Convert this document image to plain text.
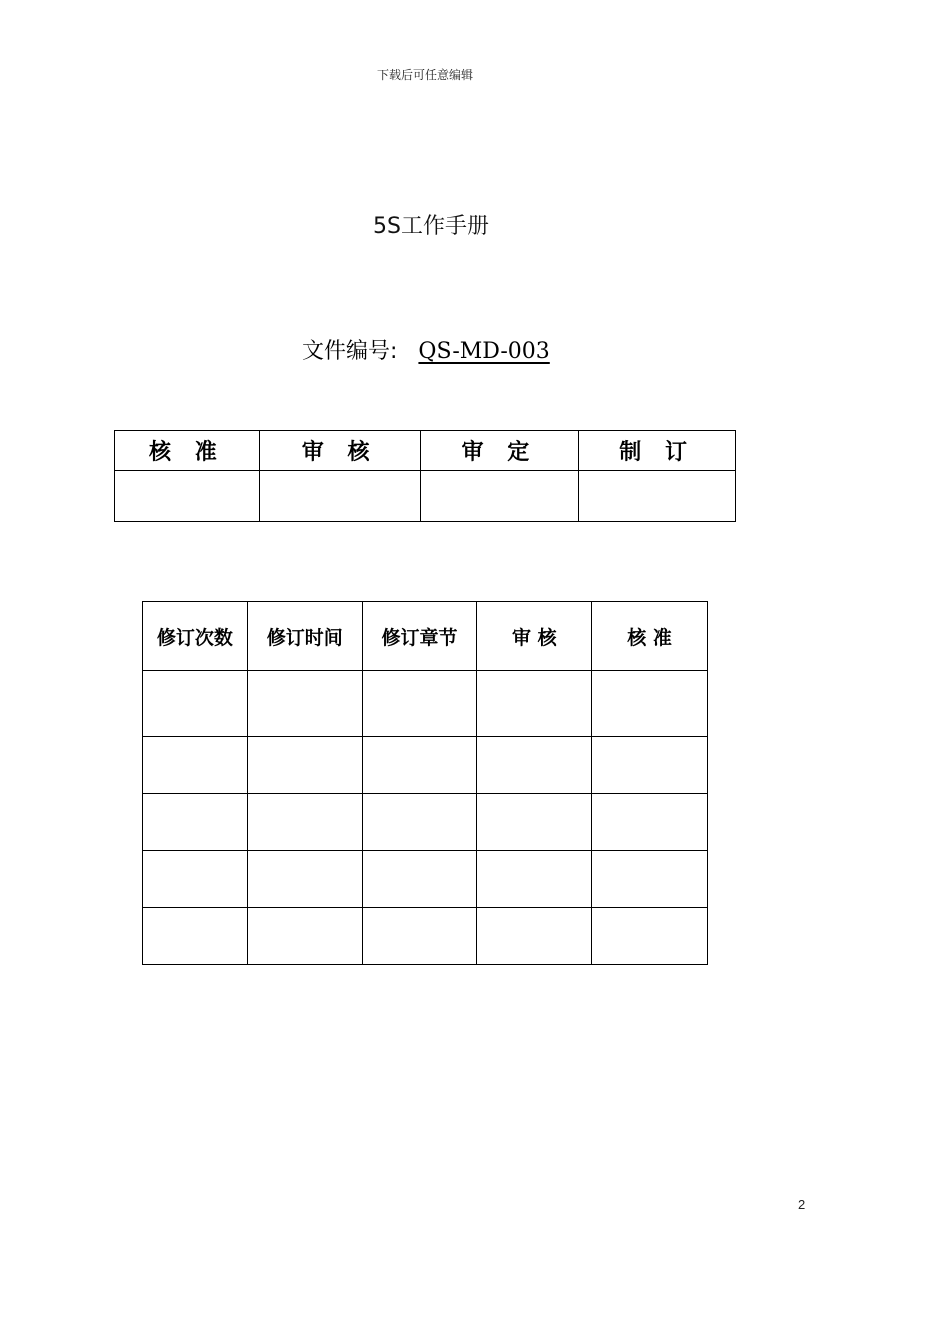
下载后可任意编辑
5S工作手册
文件编号: QS-MD-003
核 准	审 核	审 定	制 订

修订次数	修订时间	修订章节	审 核	核 准

2
